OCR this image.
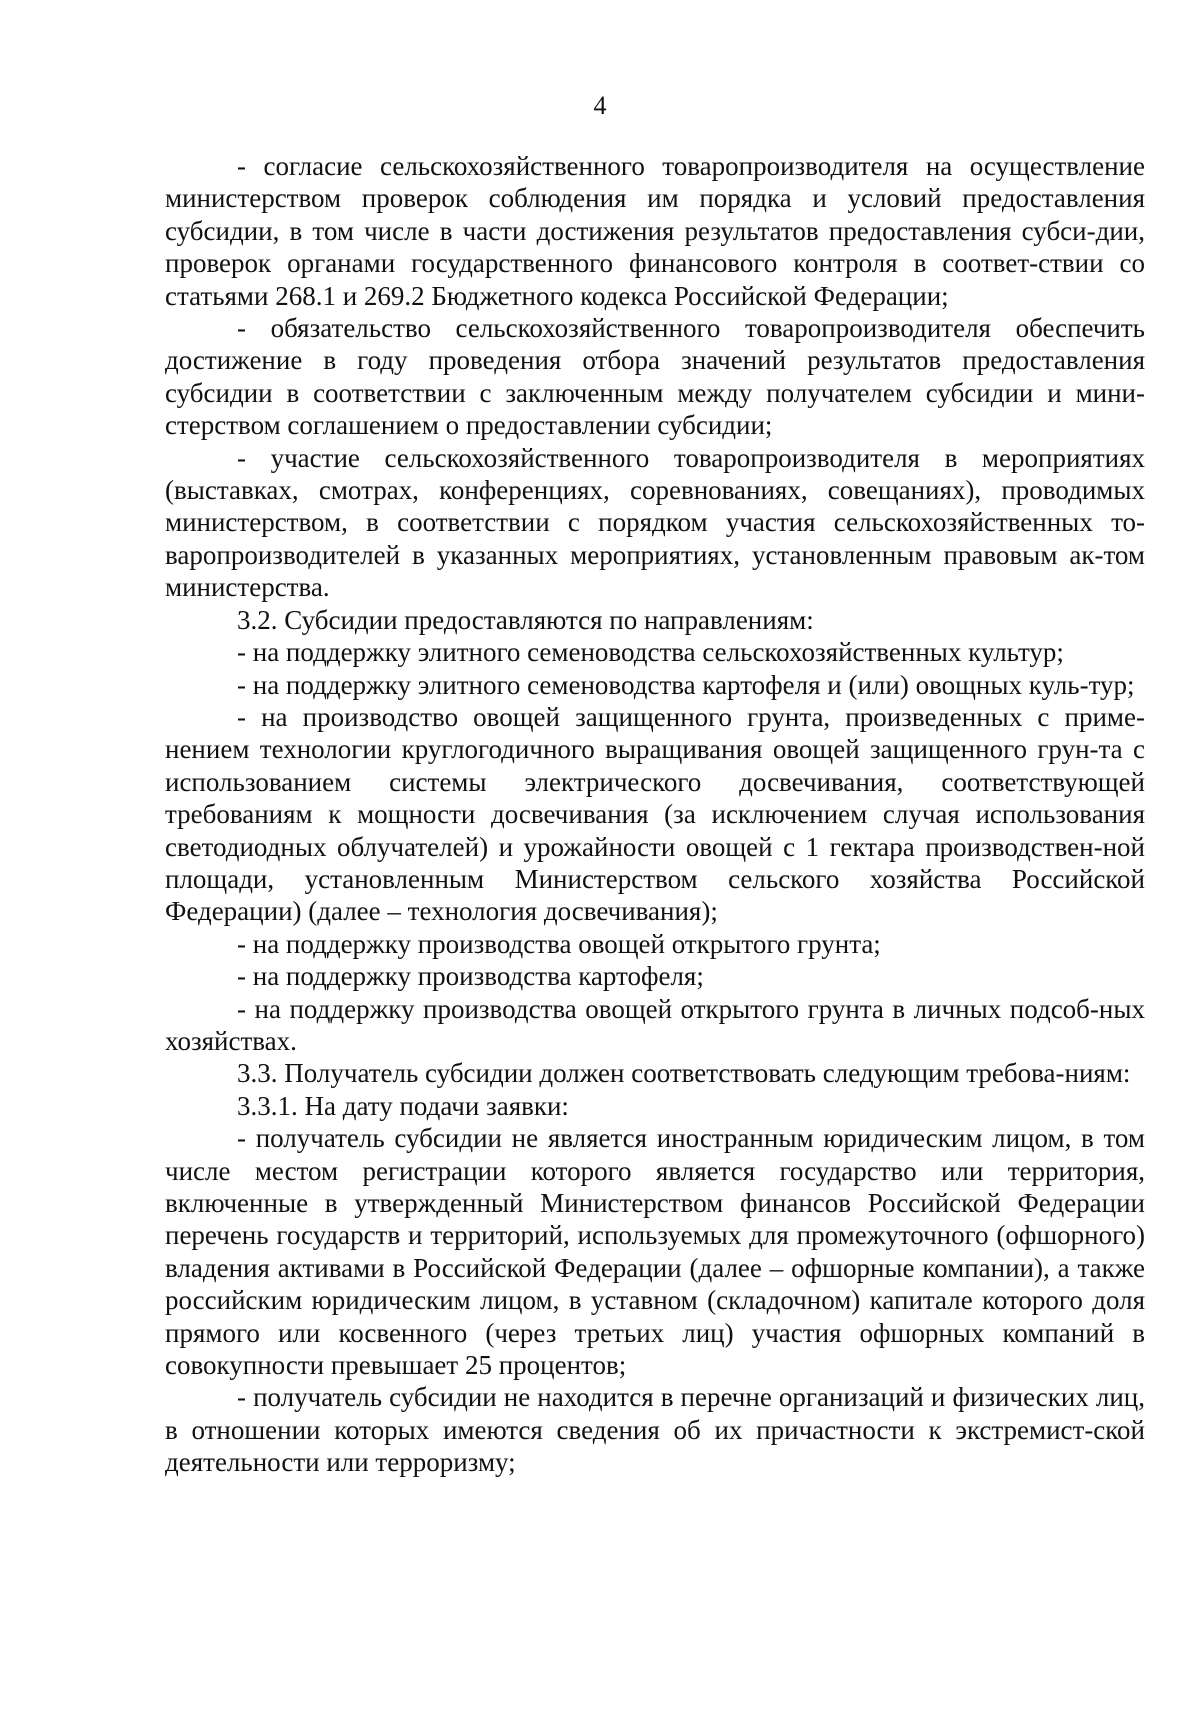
4

- согласие сельскохозяйственного товаропроизводителя на осуществление министерством проверок соблюдения им порядка и условий предоставления субсидии, в том числе в части достижения результатов предоставления субси-дии, проверок органами государственного финансового контроля в соответ-ствии со статьями 268.1 и 269.2 Бюджетного кодекса Российской Федерации;

- обязательство сельскохозяйственного товаропроизводителя обеспечить достижение в году проведения отбора значений результатов предоставления субсидии в соответствии с заключенным между получателем субсидии и мини-стерством соглашением о предоставлении субсидии;

- участие сельскохозяйственного товаропроизводителя в мероприятиях (выставках, смотрах, конференциях, соревнованиях, совещаниях), проводимых министерством, в соответствии с порядком участия сельскохозяйственных то-варопроизводителей в указанных мероприятиях, установленным правовым ак-том министерства.

3.2. Субсидии предоставляются по направлениям:

- на поддержку элитного семеноводства сельскохозяйственных культур;

- на поддержку элитного семеноводства картофеля и (или) овощных куль-тур;

- на производство овощей защищенного грунта, произведенных с приме-нением технологии круглогодичного выращивания овощей защищенного грун-та с использованием системы электрического досвечивания, соответствующей требованиям к мощности досвечивания (за исключением случая использования светодиодных облучателей) и урожайности овощей с 1 гектара производствен-ной площади, установленным Министерством сельского хозяйства Российской Федерации) (далее – технология досвечивания);

- на поддержку производства овощей открытого грунта;

- на поддержку производства картофеля;

- на поддержку производства овощей открытого грунта в личных подсоб-ных хозяйствах.

3.3. Получатель субсидии должен соответствовать следующим требова-ниям:

3.3.1. На дату подачи заявки:

- получатель субсидии не является иностранным юридическим лицом, в том числе местом регистрации которого является государство или территория, включенные в утвержденный Министерством финансов Российской Федерации перечень государств и территорий, используемых для промежуточного (офшорного) владения активами в Российской Федерации (далее – офшорные компании), а также российским юридическим лицом, в уставном (складочном) капитале которого доля прямого или косвенного (через третьих лиц) участия офшорных компаний в совокупности превышает 25 процентов;

- получатель субсидии не находится в перечне организаций и физических лиц, в отношении которых имеются сведения об их причастности к экстремист-ской деятельности или терроризму;
